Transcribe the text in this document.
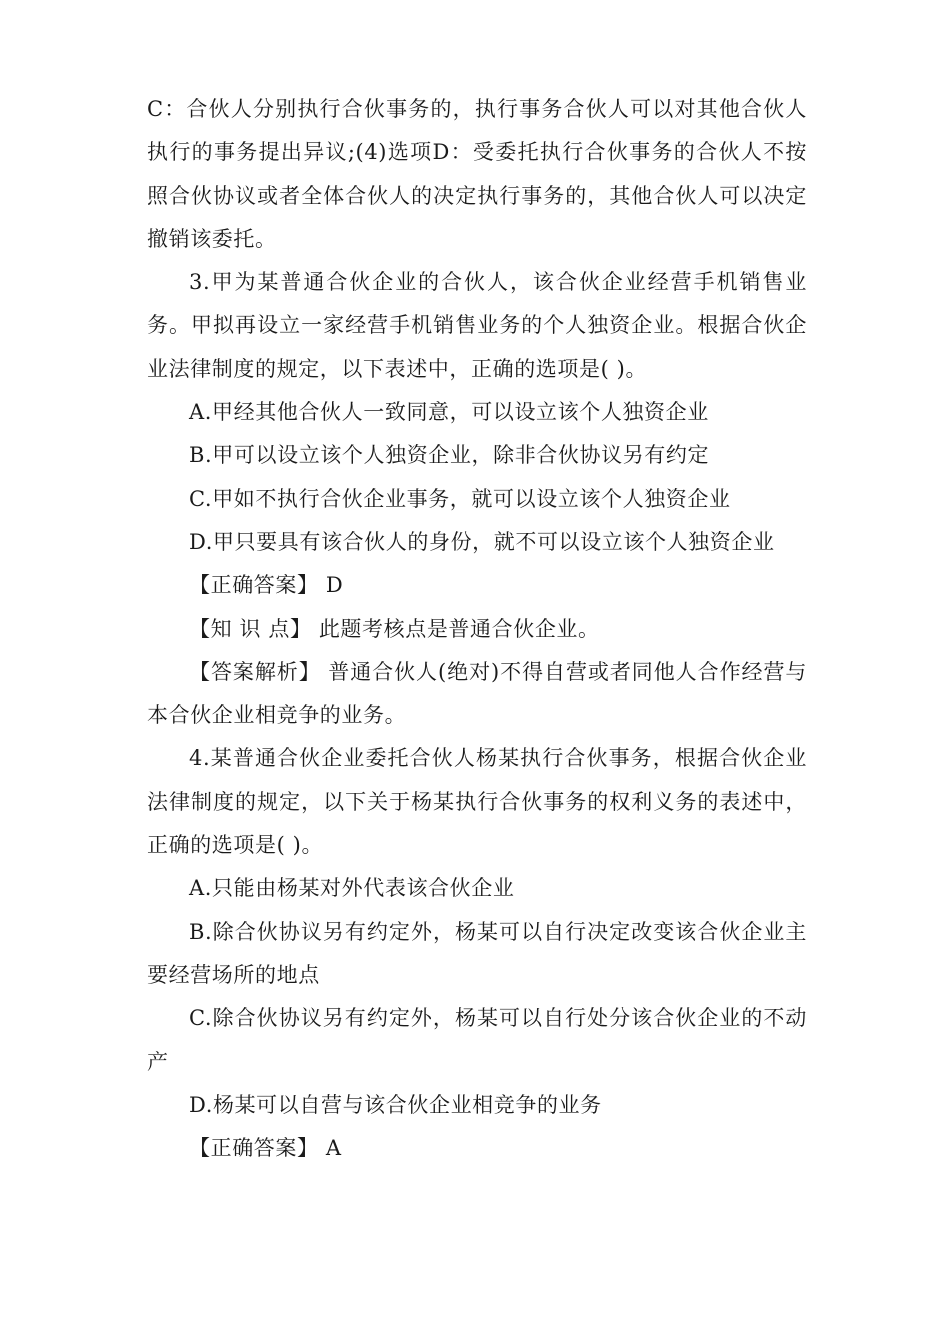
C：合伙人分别执行合伙事务的，执行事务合伙人可以对其他合伙人执行的事务提出异议;(4)选项D：受委托执行合伙事务的合伙人不按照合伙协议或者全体合伙人的决定执行事务的，其他合伙人可以决定撤销该委托。

3.甲为某普通合伙企业的合伙人，该合伙企业经营手机销售业务。甲拟再设立一家经营手机销售业务的个人独资企业。根据合伙企业法律制度的规定，以下表述中，正确的选项是( )。

A.甲经其他合伙人一致同意，可以设立该个人独资企业

B.甲可以设立该个人独资企业，除非合伙协议另有约定

C.甲如不执行合伙企业事务，就可以设立该个人独资企业

D.甲只要具有该合伙人的身份，就不可以设立该个人独资企业

【正确答案】 D

【知 识 点】 此题考核点是普通合伙企业。

【答案解析】 普通合伙人(绝对)不得自营或者同他人合作经营与本合伙企业相竞争的业务。

4.某普通合伙企业委托合伙人杨某执行合伙事务，根据合伙企业法律制度的规定，以下关于杨某执行合伙事务的权利义务的表述中，正确的选项是( )。

A.只能由杨某对外代表该合伙企业

B.除合伙协议另有约定外，杨某可以自行决定改变该合伙企业主要经营场所的地点

C.除合伙协议另有约定外，杨某可以自行处分该合伙企业的不动产

D.杨某可以自营与该合伙企业相竞争的业务

【正确答案】 A
